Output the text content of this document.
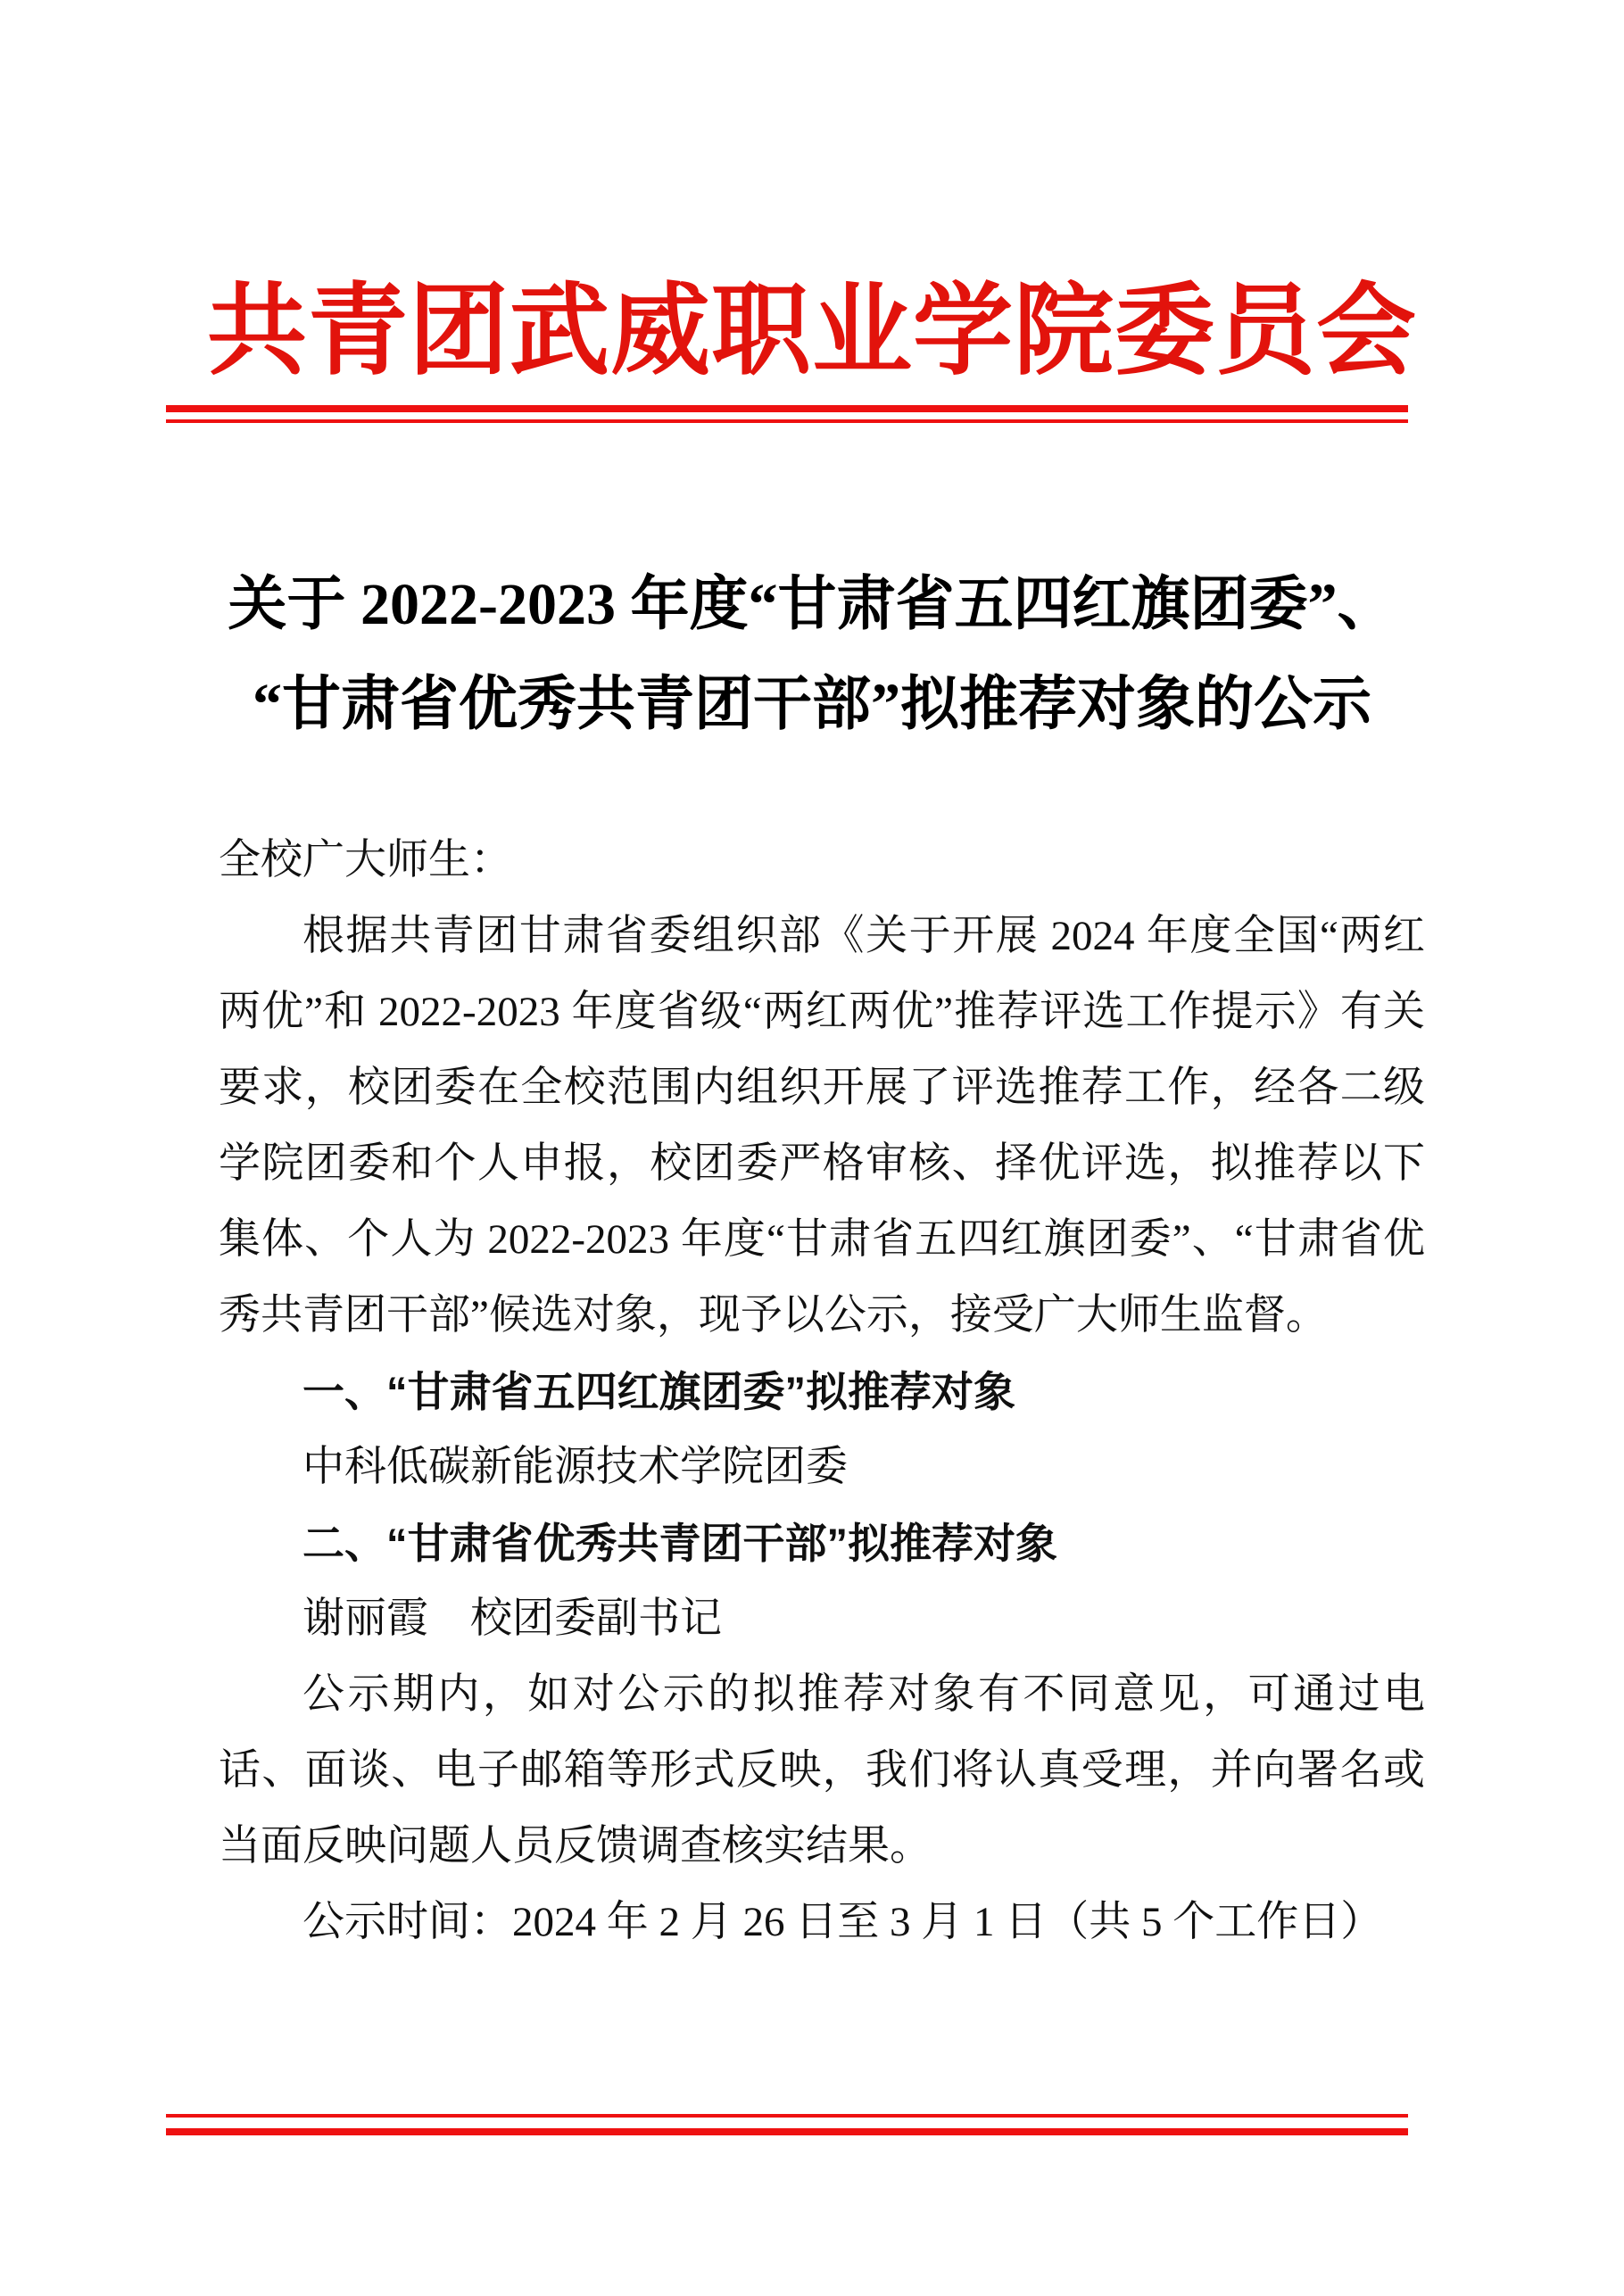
共青团武威职业学院委员会
关于 2022-2023 年度“甘肃省五四红旗团委”、
“甘肃省优秀共青团干部”拟推荐对象的公示

全校广大师生：

根据共青团甘肃省委组织部《关于开展 2024 年度全国“两红两优”和 2022-2023 年度省级“两红两优”推荐评选工作提示》有关要求，校团委在全校范围内组织开展了评选推荐工作，经各二级学院团委和个人申报，校团委严格审核、择优评选，拟推荐以下集体、个人为 2022-2023 年度“甘肃省五四红旗团委”、“甘肃省优秀共青团干部”候选对象，现予以公示，接受广大师生监督。

一、“甘肃省五四红旗团委”拟推荐对象

中科低碳新能源技术学院团委

二、“甘肃省优秀共青团干部”拟推荐对象

谢丽霞　校团委副书记

公示期内，如对公示的拟推荐对象有不同意见，可通过电话、面谈、电子邮箱等形式反映，我们将认真受理，并向署名或当面反映问题人员反馈调查核实结果。

公示时间：2024 年 2 月 26 日至 3 月 1 日（共 5 个工作日）
